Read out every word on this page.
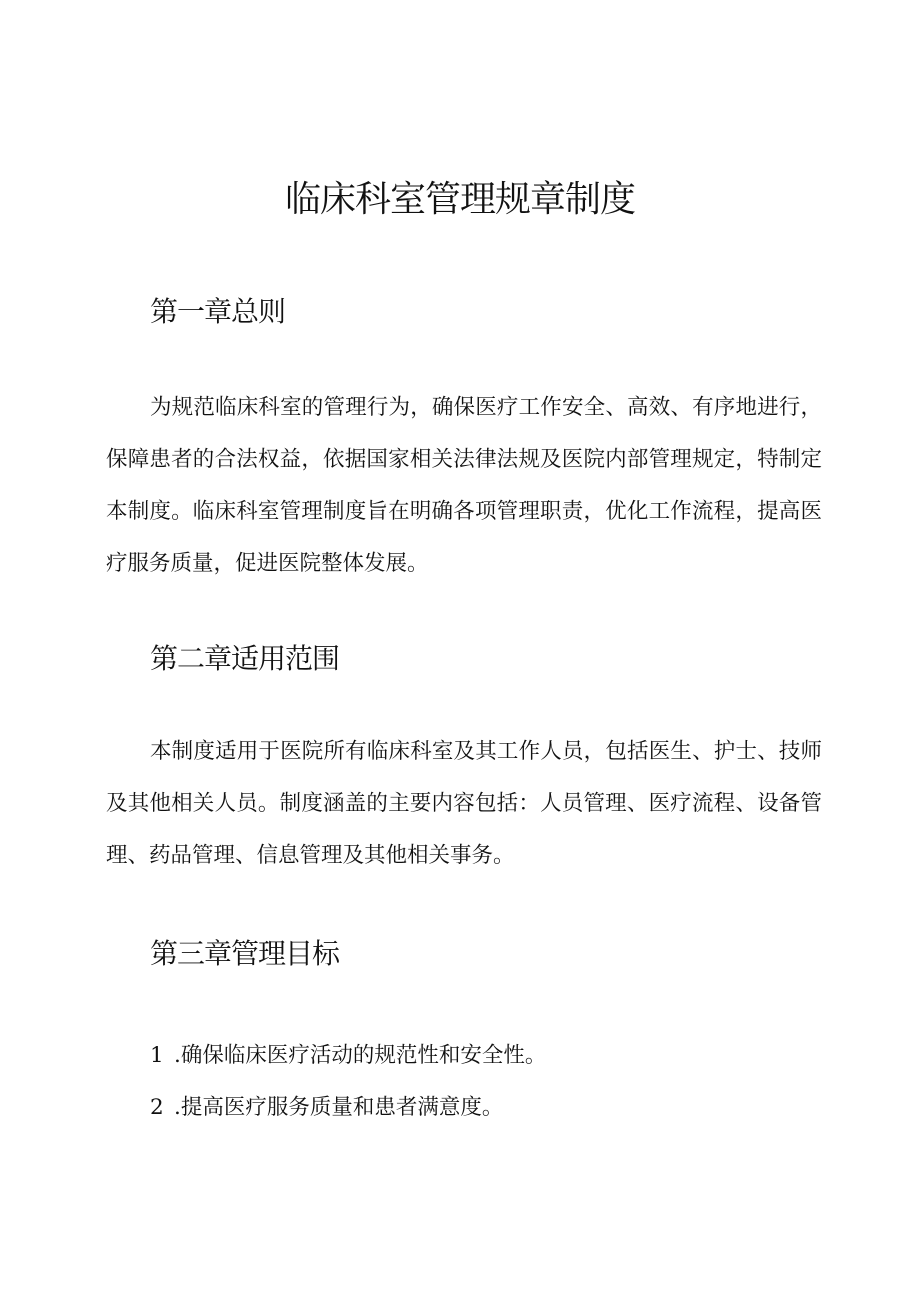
临床科室管理规章制度
第一章总则

为规范临床科室的管理行为，确保医疗工作安全、高效、有序地进行，保障患者的合法权益，依据国家相关法律法规及医院内部管理规定，特制定本制度。临床科室管理制度旨在明确各项管理职责，优化工作流程，提高医疗服务质量，促进医院整体发展。

第二章适用范围

本制度适用于医院所有临床科室及其工作人员，包括医生、护士、技师及其他相关人员。制度涵盖的主要内容包括：人员管理、医疗流程、设备管理、药品管理、信息管理及其他相关事务。

第三章管理目标
1 .确保临床医疗活动的规范性和安全性。
2 .提高医疗服务质量和患者满意度。
